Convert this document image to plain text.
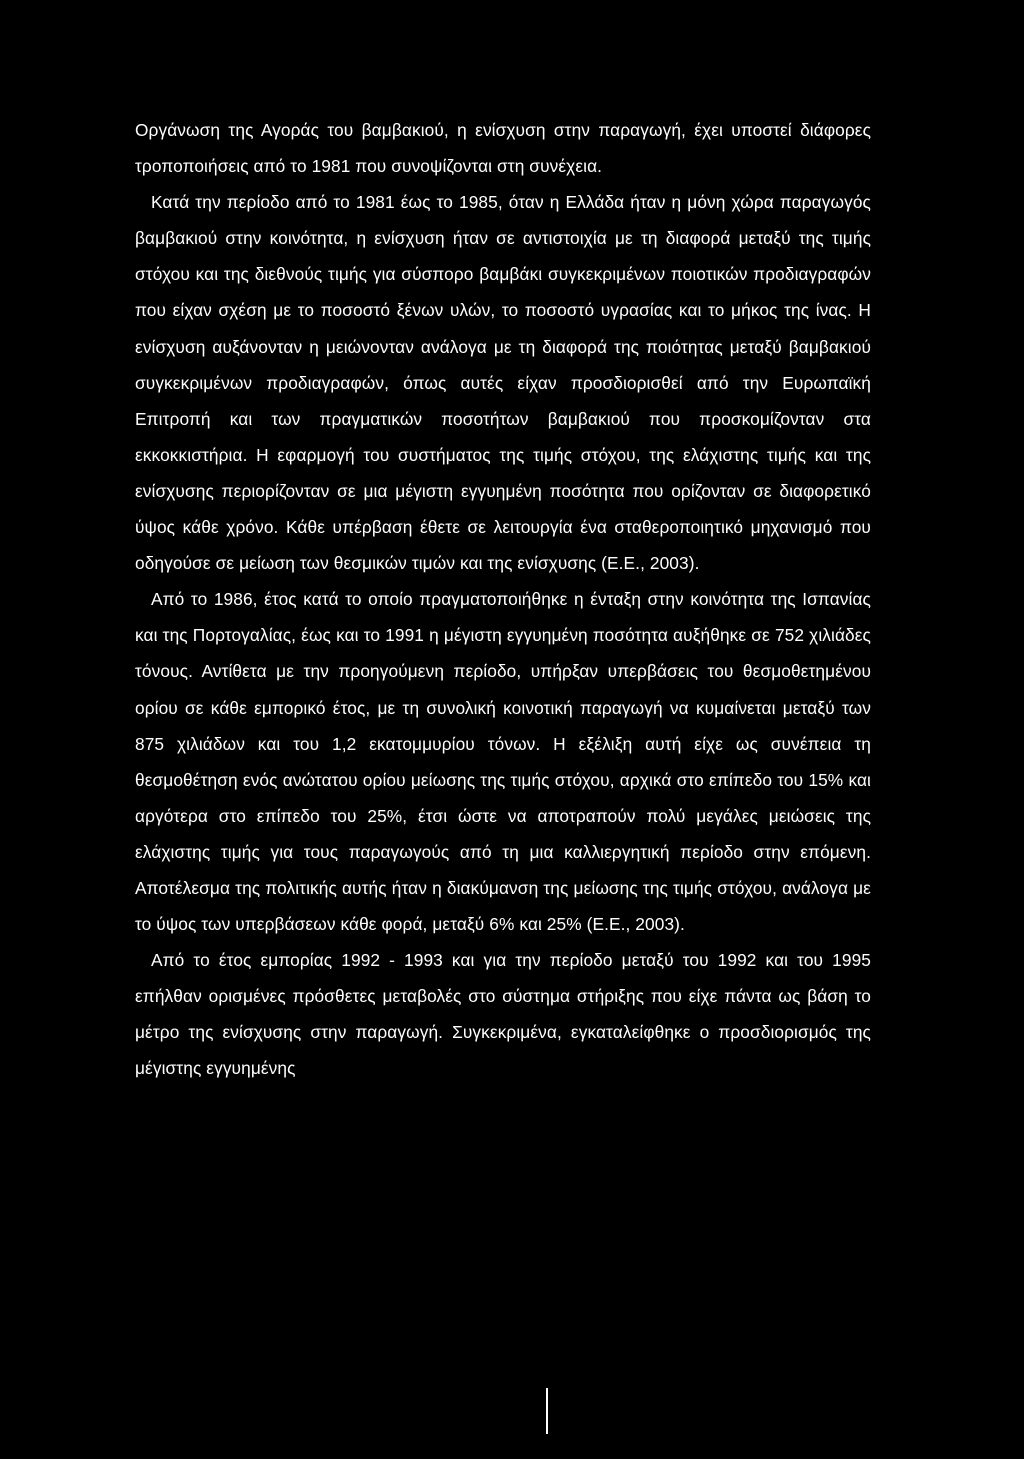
Οργάνωση της Αγοράς του βαμβακιού, η ενίσχυση στην παραγωγή, έχει υποστεί διάφορες τροποποιήσεις από το 1981 που συνοψίζονται στη συνέχεια.

Κατά την περίοδο από το 1981 έως το 1985, όταν η Ελλάδα ήταν η μόνη χώρα παραγωγός βαμβακιού στην κοινότητα, η ενίσχυση ήταν σε αντιστοιχία με τη διαφορά μεταξύ της τιμής στόχου και της διεθνούς τιμής για σύσπορο βαμβάκι συγκεκριμένων ποιοτικών προδιαγραφών που είχαν σχέση με το ποσοστό ξένων υλών, το ποσοστό υγρασίας και το μήκος της ίνας. Η ενίσχυση αυξάνονταν η μειώνονταν ανάλογα με τη διαφορά της ποιότητας μεταξύ βαμβακιού συγκεκριμένων προδιαγραφών, όπως αυτές είχαν προσδιορισθεί από την Ευρωπαϊκή Επιτροπή και των πραγματικών ποσοτήτων βαμβακιού που προσκομίζονταν στα εκκοκκιστήρια. Η εφαρμογή του συστήματος της τιμής στόχου, της ελάχιστης τιμής και της ενίσχυσης περιορίζονταν σε μια μέγιστη εγγυημένη ποσότητα που ορίζονταν σε διαφορετικό ύψος κάθε χρόνο. Κάθε υπέρβαση έθετε σε λειτουργία ένα σταθεροποιητικό μηχανισμό που οδηγούσε σε μείωση των θεσμικών τιμών και της ενίσχυσης (Ε.Ε., 2003).

Από το 1986, έτος κατά το οποίο πραγματοποιήθηκε η ένταξη στην κοινότητα της Ισπανίας και της Πορτογαλίας, έως και το 1991 η μέγιστη εγγυημένη ποσότητα αυξήθηκε σε 752 χιλιάδες τόνους. Αντίθετα με την προηγούμενη περίοδο, υπήρξαν υπερβάσεις του θεσμοθετημένου ορίου σε κάθε εμπορικό έτος, με τη συνολική κοινοτική παραγωγή να κυμαίνεται μεταξύ των 875 χιλιάδων και του 1,2 εκατομμυρίου τόνων. Η εξέλιξη αυτή είχε ως συνέπεια τη θεσμοθέτηση ενός ανώτατου ορίου μείωσης της τιμής στόχου, αρχικά στο επίπεδο του 15% και αργότερα στο επίπεδο του 25%, έτσι ώστε να αποτραπούν πολύ μεγάλες μειώσεις της ελάχιστης τιμής για τους παραγωγούς από τη μια καλλιεργητική περίοδο στην επόμενη. Αποτέλεσμα της πολιτικής αυτής ήταν η διακύμανση της μείωσης της τιμής στόχου, ανάλογα με το ύψος των υπερβάσεων κάθε φορά, μεταξύ 6% και 25% (Ε.Ε., 2003).

Από το έτος εμπορίας 1992 - 1993 και για την περίοδο μεταξύ του 1992 και του 1995 επήλθαν ορισμένες πρόσθετες μεταβολές στο σύστημα στήριξης που είχε πάντα ως βάση το μέτρο της ενίσχυσης στην παραγωγή. Συγκεκριμένα, εγκαταλείφθηκε ο προσδιορισμός της μέγιστης εγγυημένης
